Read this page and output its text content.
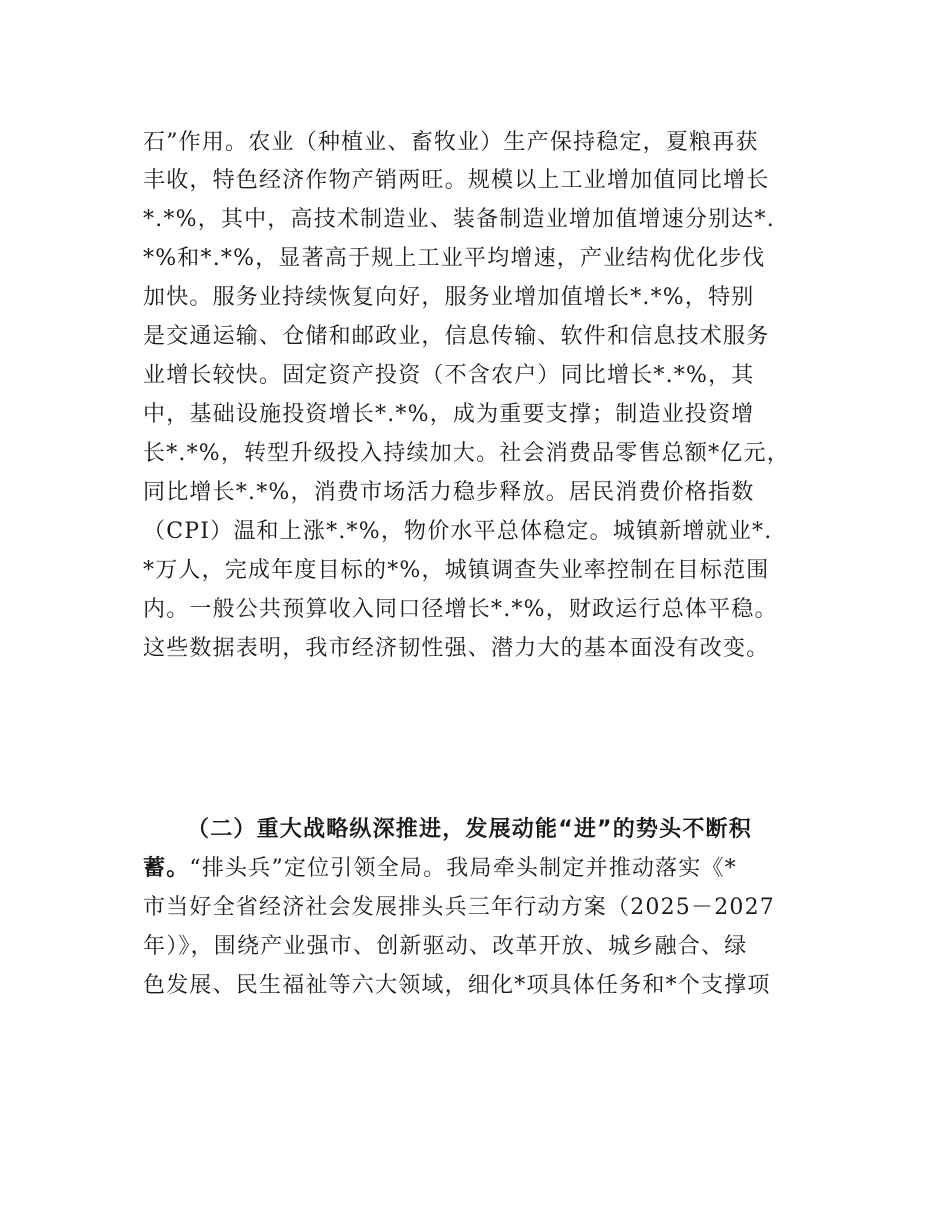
石”作用。农业（种植业、畜牧业）生产保持稳定，夏粮再获
丰收，特色经济作物产销两旺。规模以上工业增加值同比增长
*.*%，其中，高技术制造业、装备制造业增加值增速分别达*.
*%和*.*%，显著高于规上工业平均增速，产业结构优化步伐
加快。服务业持续恢复向好，服务业增加值增长*.*%，特别
是交通运输、仓储和邮政业，信息传输、软件和信息技术服务
业增长较快。固定资产投资（不含农户）同比增长*.*%，其
中，基础设施投资增长*.*%，成为重要支撑；制造业投资增
长*.*%，转型升级投入持续加大。社会消费品零售总额*亿元，
同比增长*.*%，消费市场活力稳步释放。居民消费价格指数
（CPI）温和上涨*.*%，物价水平总体稳定。城镇新增就业*.
*万人，完成年度目标的*%，城镇调查失业率控制在目标范围
内。一般公共预算收入同口径增长*.*%，财政运行总体平稳。
这些数据表明，我市经济韧性强、潜力大的基本面没有改变。
（二）重大战略纵深推进，发展动能“进”的势头不断积
蓄。“排头兵”定位引领全局。我局牵头制定并推动落实《*
市当好全省经济社会发展排头兵三年行动方案（2025－2027
年）》，围绕产业强市、创新驱动、改革开放、城乡融合、绿
色发展、民生福祉等六大领域，细化*项具体任务和*个支撑项
